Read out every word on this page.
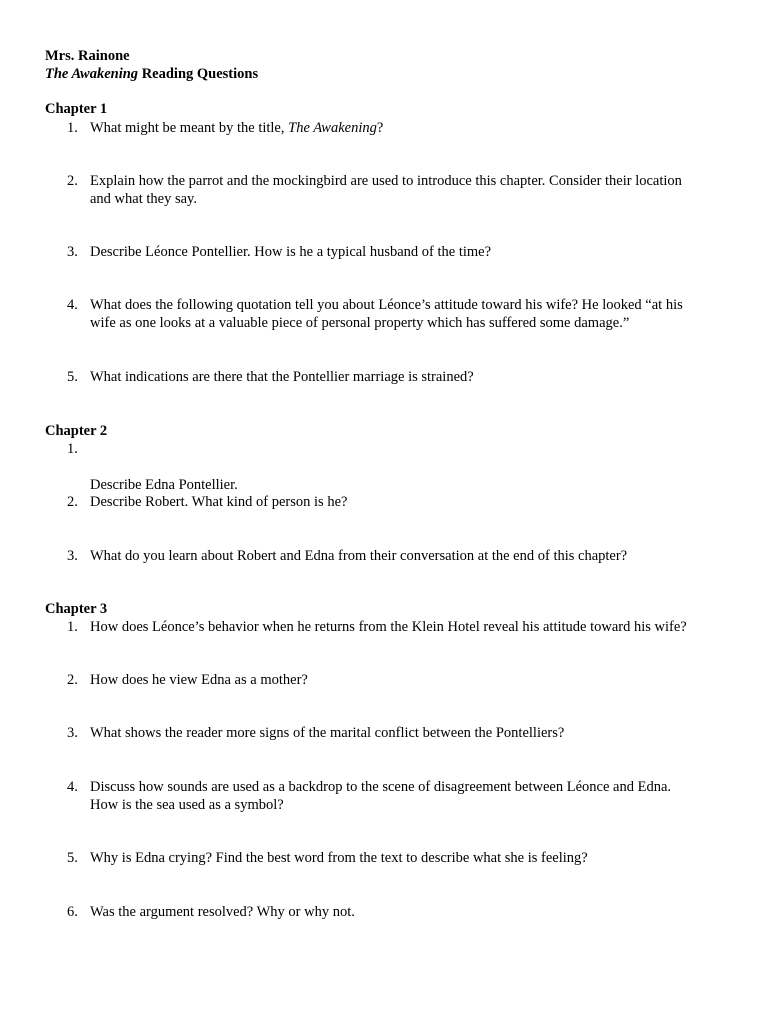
Mrs. Rainone
The Awakening Reading Questions
Chapter 1
1. What might be meant by the title, The Awakening?
2. Explain how the parrot and the mockingbird are used to introduce this chapter. Consider their location
and what they say.
3. Describe Léonce Pontellier. How is he a typical husband of the time?
4. What does the following quotation tell you about Léonce’s attitude toward his wife? He looked “at his
wife as one looks at a valuable piece of personal property which has suffered some damage.”
5. What indications are there that the Pontellier marriage is strained?
Chapter 2
1.

Describe Edna Pontellier.

2. Describe Robert. What kind of person is he?
3. What do you learn about Robert and Edna from their conversation at the end of this chapter?
Chapter 3
1. How does Léonce’s behavior when he returns from the Klein Hotel reveal his attitude toward his wife?
2. How does he view Edna as a mother?
3. What shows the reader more signs of the marital conflict between the Pontelliers?
4. Discuss how sounds are used as a backdrop to the scene of disagreement between Léonce and Edna.
How is the sea used as a symbol?
5. Why is Edna crying? Find the best word from the text to describe what she is feeling?
6. Was the argument resolved? Why or why not.
